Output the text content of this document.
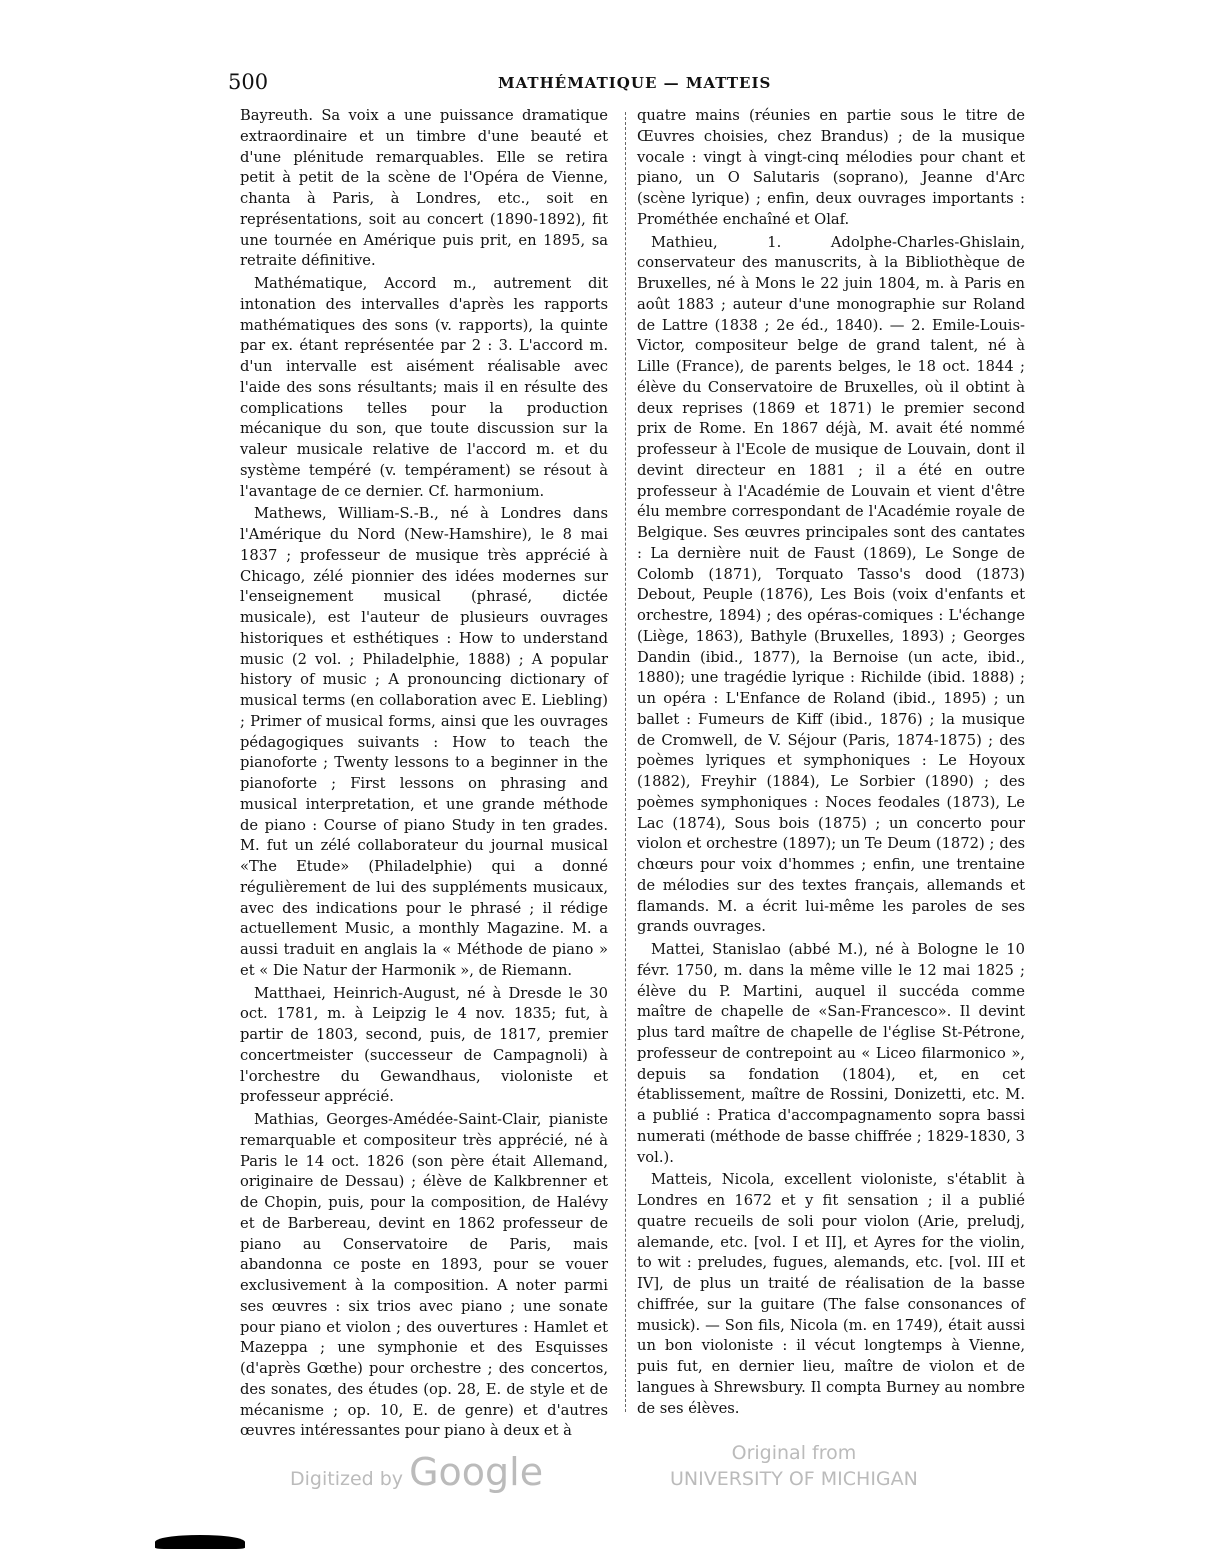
500	MATHÉMATIQUE — MATTEIS

Bayreuth. Sa voix a une puissance dramatique extraordinaire et un timbre d'une beauté et d'une plénitude remarquables. Elle se retira petit à petit de la scène de l'Opéra de Vienne, chanta à Paris, à Londres, etc., soit en représentations, soit au concert (1890-1892), fit une tournée en Amérique puis prit, en 1895, sa retraite définitive.

Mathématique, Accord m., autrement dit intonation des intervalles d'après les rapports mathématiques des sons (v. rapports), la quinte par ex. étant représentée par 2 : 3. L'accord m. d'un intervalle est aisément réalisable avec l'aide des sons résultants; mais il en résulte des complications telles pour la production mécanique du son, que toute discussion sur la valeur musicale relative de l'accord m. et du système tempéré (v. tempérament) se résout à l'avantage de ce dernier. Cf. harmonium.

Mathews, William-S.-B., né à Londres dans l'Amérique du Nord (New-Hamshire), le 8 mai 1837 ; professeur de musique très apprécié à Chicago, zélé pionnier des idées modernes sur l'enseignement musical (phrasé, dictée musicale), est l'auteur de plusieurs ouvrages historiques et esthétiques : How to understand music (2 vol. ; Philadelphie, 1888) ; A popular history of music ; A pronouncing dictionary of musical terms (en collaboration avec E. Liebling) ; Primer of musical forms, ainsi que les ouvrages pédagogiques suivants : How to teach the pianoforte ; Twenty lessons to a beginner in the pianoforte ; First lessons on phrasing and musical interpretation, et une grande méthode de piano : Course of piano Study in ten grades. M. fut un zélé collaborateur du journal musical «The Etude» (Philadelphie) qui a donné régulièrement de lui des suppléments musicaux, avec des indications pour le phrasé ; il rédige actuellement Music, a monthly Magazine. M. a aussi traduit en anglais la « Méthode de piano » et « Die Natur der Harmonik », de Riemann.

Matthaei, Heinrich-August, né à Dresde le 30 oct. 1781, m. à Leipzig le 4 nov. 1835; fut, à partir de 1803, second, puis, de 1817, premier concertmeister (successeur de Campagnoli) à l'orchestre du Gewandhaus, violoniste et professeur apprécié.

Mathias, Georges-Amédée-Saint-Clair, pianiste remarquable et compositeur très apprécié, né à Paris le 14 oct. 1826 (son père était Allemand, originaire de Dessau) ; élève de Kalkbrenner et de Chopin, puis, pour la composition, de Halévy et de Barbereau, devint en 1862 professeur de piano au Conservatoire de Paris, mais abandonna ce poste en 1893, pour se vouer exclusivement à la composition. A noter parmi ses œuvres : six trios avec piano ; une sonate pour piano et violon ; des ouvertures : Hamlet et Mazeppa ; une symphonie et des Esquisses (d'après Gœthe) pour orchestre ; des concertos, des sonates, des études (op. 28, E. de style et de mécanisme ; op. 10, E. de genre) et d'autres œuvres intéressantes pour piano à deux et à

quatre mains (réunies en partie sous le titre de Œuvres choisies, chez Brandus) ; de la musique vocale : vingt à vingt-cinq mélodies pour chant et piano, un O Salutaris (soprano), Jeanne d'Arc (scène lyrique) ; enfin, deux ouvrages importants : Prométhée enchaîné et Olaf.

Mathieu, 1. Adolphe-Charles-Ghislain, conservateur des manuscrits, à la Bibliothèque de Bruxelles, né à Mons le 22 juin 1804, m. à Paris en août 1883 ; auteur d'une monographie sur Roland de Lattre (1838 ; 2e éd., 1840). — 2. Emile-Louis-Victor, compositeur belge de grand talent, né à Lille (France), de parents belges, le 18 oct. 1844 ; élève du Conservatoire de Bruxelles, où il obtint à deux reprises (1869 et 1871) le premier second prix de Rome. En 1867 déjà, M. avait été nommé professeur à l'Ecole de musique de Louvain, dont il devint directeur en 1881 ; il a été en outre professeur à l'Académie de Louvain et vient d'être élu membre correspondant de l'Académie royale de Belgique. Ses œuvres principales sont des cantates : La dernière nuit de Faust (1869), Le Songe de Colomb (1871), Torquato Tasso's dood (1873) Debout, Peuple (1876), Les Bois (voix d'enfants et orchestre, 1894) ; des opéras-comiques : L'échange (Liège, 1863), Bathyle (Bruxelles, 1893) ; Georges Dandin (ibid., 1877), la Bernoise (un acte, ibid., 1880); une tragédie lyrique : Richilde (ibid. 1888) ; un opéra : L'Enfance de Roland (ibid., 1895) ; un ballet : Fumeurs de Kiff (ibid., 1876) ; la musique de Cromwell, de V. Séjour (Paris, 1874-1875) ; des poèmes lyriques et symphoniques : Le Hoyoux (1882), Freyhir (1884), Le Sorbier (1890) ; des poèmes symphoniques : Noces feodales (1873), Le Lac (1874), Sous bois (1875) ; un concerto pour violon et orchestre (1897); un Te Deum (1872) ; des chœurs pour voix d'hommes ; enfin, une trentaine de mélodies sur des textes français, allemands et flamands. M. a écrit lui-même les paroles de ses grands ouvrages.

Mattei, Stanislao (abbé M.), né à Bologne le 10 févr. 1750, m. dans la même ville le 12 mai 1825 ; élève du P. Martini, auquel il succéda comme maître de chapelle de «San-Francesco». Il devint plus tard maître de chapelle de l'église St-Pétrone, professeur de contrepoint au « Liceo filarmonico », depuis sa fondation (1804), et, en cet établissement, maître de Rossini, Donizetti, etc. M. a publié : Pratica d'accompagnamento sopra bassi numerati (méthode de basse chiffrée ; 1829-1830, 3 vol.).

Matteis, Nicola, excellent violoniste, s'établit à Londres en 1672 et y fit sensation ; il a publié quatre recueils de soli pour violon (Arie, preludj, alemande, etc. [vol. I et II], et Ayres for the violin, to wit : preludes, fugues, alemands, etc. [vol. III et IV], de plus un traité de réalisation de la basse chiffrée, sur la guitare (The false consonances of musick). — Son fils, Nicola (m. en 1749), était aussi un bon violoniste : il vécut longtemps à Vienne, puis fut, en dernier lieu, maître de violon et de langues à Shrewsbury. Il compta Burney au nombre de ses élèves.

Digitized by Google	Original from
UNIVERSITY OF MICHIGAN
